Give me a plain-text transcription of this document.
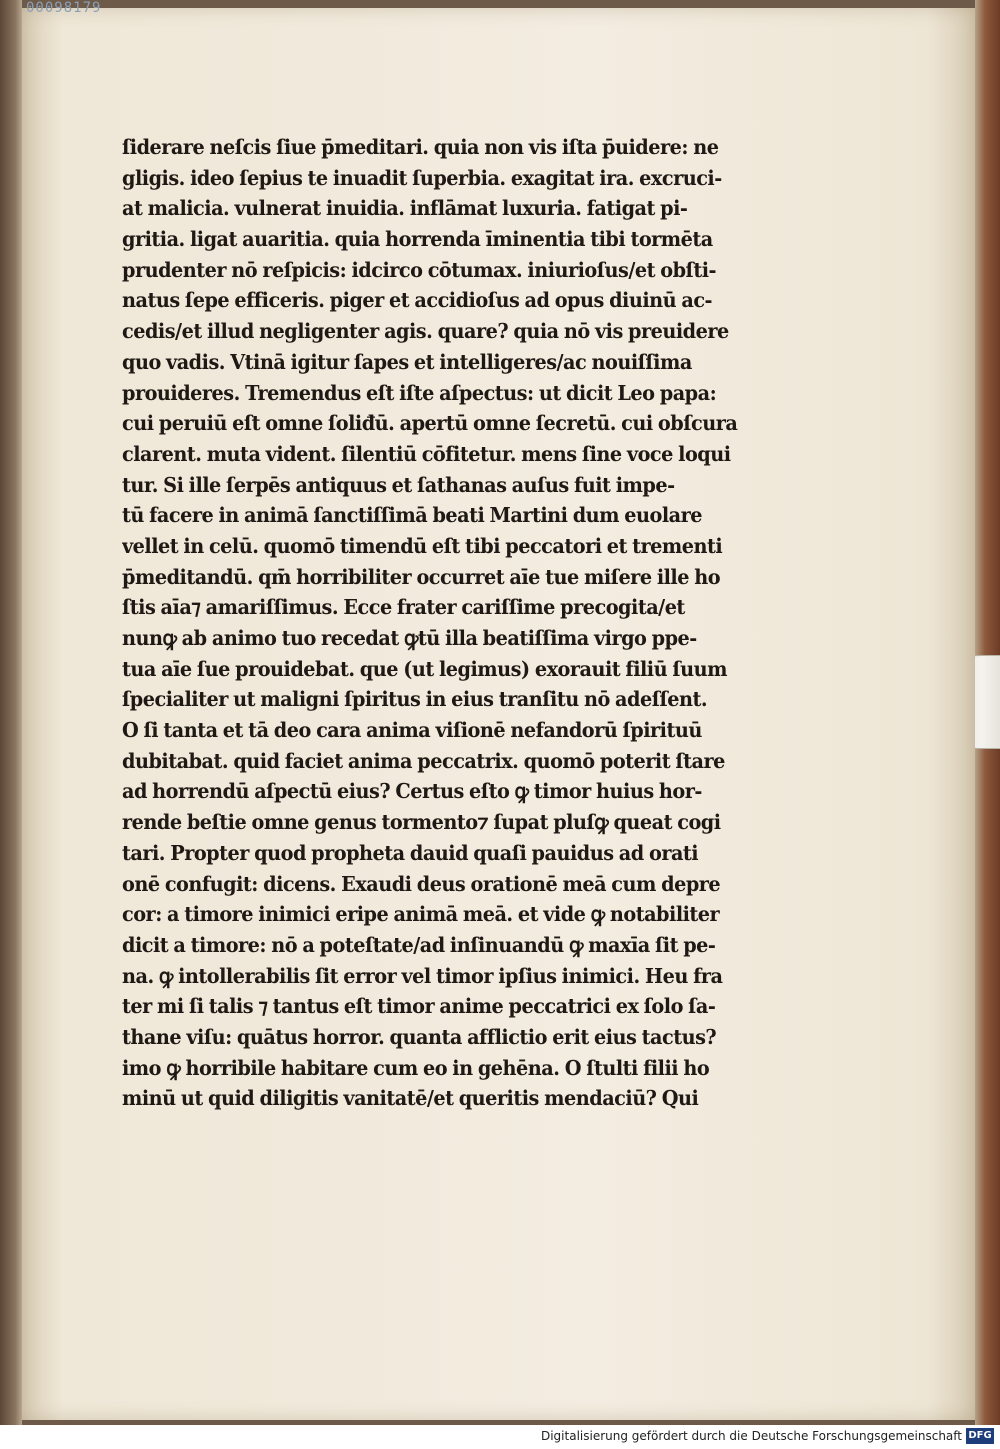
00098179

ſiderare neſcis ſiue p̄meditari. quia non vis iſta p̄uidere: ne

gligis. ideo ſepius te inuadit ſuperbia. exagitat ira. excruci-

at malicia. vulnerat inuidia. inflāmat luxuria. fatigat pi-

gritia. ligat auaritia. quia horrenda īminentia tibi tormēta

prudenter nō reſpicis: idcirco cōtumax. iniurioſus/et obſti-

natus ſepe efficeris. piger et accidioſus ad opus diuinū ac-

cedis/et illud negligenter agis. quare? quia nō vis preuidere

quo vadis. Vtinā igitur ſapes et intelligeres/ac nouiſſima

prouideres. Tremendus eſt iſte aſpectus: ut dicit Leo papa:

cui peruiū eſt omne ſoliđū. apertū omne ſecretū. cui obſcura

clarent. muta vident. ſilentiū cōfitetur. mens ſine voce loqui

tur. Si ille ſerpēs antiquus et ſathanas auſus fuit impe-

tū facere in animā ſanctiſſimā beati Martini dum euolare

vellet in celū. quomō timendū eſt tibi peccatori et trementi

p̄meditandū. qm̄ horribiliter occurret aīe tue miſere ille ho

ſtis aīa⁊ amariſſimus. Ecce frater cariſſime precogita/et

nunꝙ ab animo tuo recedat ꝙtū illa beatiſſima virgo ppe-

tua aīe ſue prouidebat. que (ut legimus) exorauit filiū ſuum

ſpecialiter ut maligni ſpiritus in eius tranſitu nō adeſſent.

O ſi tanta et tā deo cara anima viſionē nefandorū ſpirituū

dubitabat. quid faciet anima peccatrix. quomō poterit ſtare

ad horrendū aſpectū eius? Certus eſto ꝙ timor huius hor-

rende beſtie omne genus tormento⁊ ſupat pluſꝙ queat cogi

tari. Propter quod propheta dauid quaſi pauidus ad orati

onē confugit: dicens. Exaudi deus orationē meā cum depre

cor: a timore inimici eripe animā meā. et vide ꝙ notabiliter

dicit a timore: nō a poteſtate/ad inſinuandū ꝙ maxīa ſit pe-

na. ꝙ intollerabilis ſit error vel timor ipſius inimici. Heu fra

ter mi ſi talis ⁊ tantus eſt timor anime peccatrici ex ſolo ſa-

thane viſu: quātus horror. quanta afflictio erit eius tactus?

imo ꝙ horribile habitare cum eo in gehēna. O ſtulti filii ho

minū ut quid diligitis vanitatē/et queritis mendaciū? Qui

Digitalisierung gefördert durch die Deutsche Forschungsgemeinschaft DFG
